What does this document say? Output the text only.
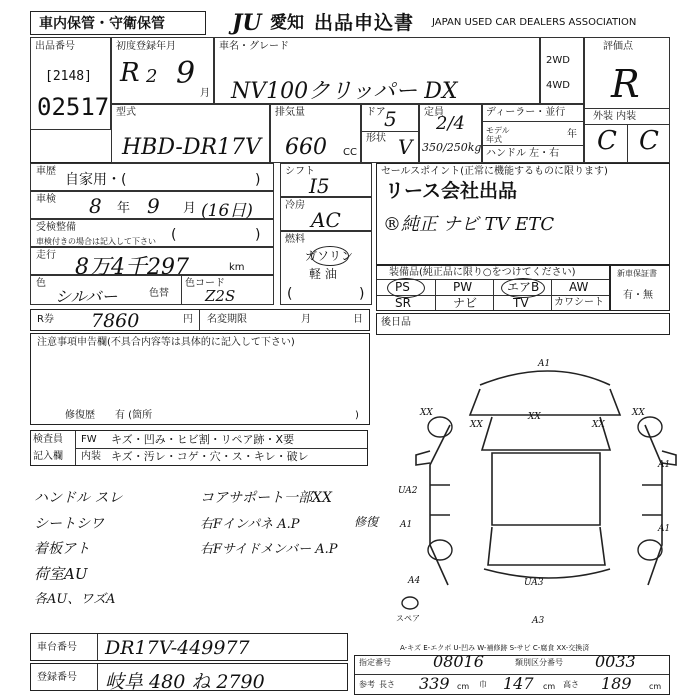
車内保管・守衛保管	JU 愛知 出品申込書 JAPAN USED CAR DEALERS ASSOCIATION
出品番号
[2148]
02517
初度登録年月
R 2 9
月
車名・グレード
NV100クリッパー DX
2WD
4WD
評価点
R
外装 内装
C C
型式
HBD-DR17V
排気量
660 CC
ドア
5
形状 V
定員
2/4
350/250kg
ディーラー・並行
モデル 年式	年
ハンドル 左・右
車歴
自家用・(	)
車検 8 年 9 月 (16日)
受検整備
車検付きの場合は記入して下さい (	)
走行 8万4千297	km
色
シルバー	色替
色コード
Z2S
シフト
I5
冷房
AC
燃料
ガソリン
軽 油
(	)
セールスポイント(正常に機能するものに限ります)
リース会社出品
®純正 ナビ TV ETC
装備品(純正品に限り○をつけてください)
PS	PW	エアB AW
SR	ナビ	TV	カワシート
新車保証書
有・無
R券 7860	円 名変期限	月	日 後日品
注意事項申告欄(不具合内容等は具体的に記入して下さい)
修復歴 有 (箇所	)
検査員
記入欄
FW キズ・凹み・ヒビ割・リペア跡・X要
内装 キズ・汚レ・コゲ・穴・ス・キレ・破レ
ハンドル スレ	コアサポート一部XX
シートシワ	右Fインパネ A.P	修復
着板アト	右Fサイドメンバー A.P
荷室AU
各AU、ワズA
A1
XX
XX	XX
XX	XX
A1
UA2
A1	A1
A4	UA3
A3
スペア
A-キズ E-エクボ U-凹み W-補修跡 S-サビ C-腐食 XX-交換済
車台番号 DR17V-449977
登録番号 岐阜 480 ね 2790
指定番号	08016	類別区分番号 0033
参考 長さ 339 cm 巾 147 cm 高さ 189 cm
